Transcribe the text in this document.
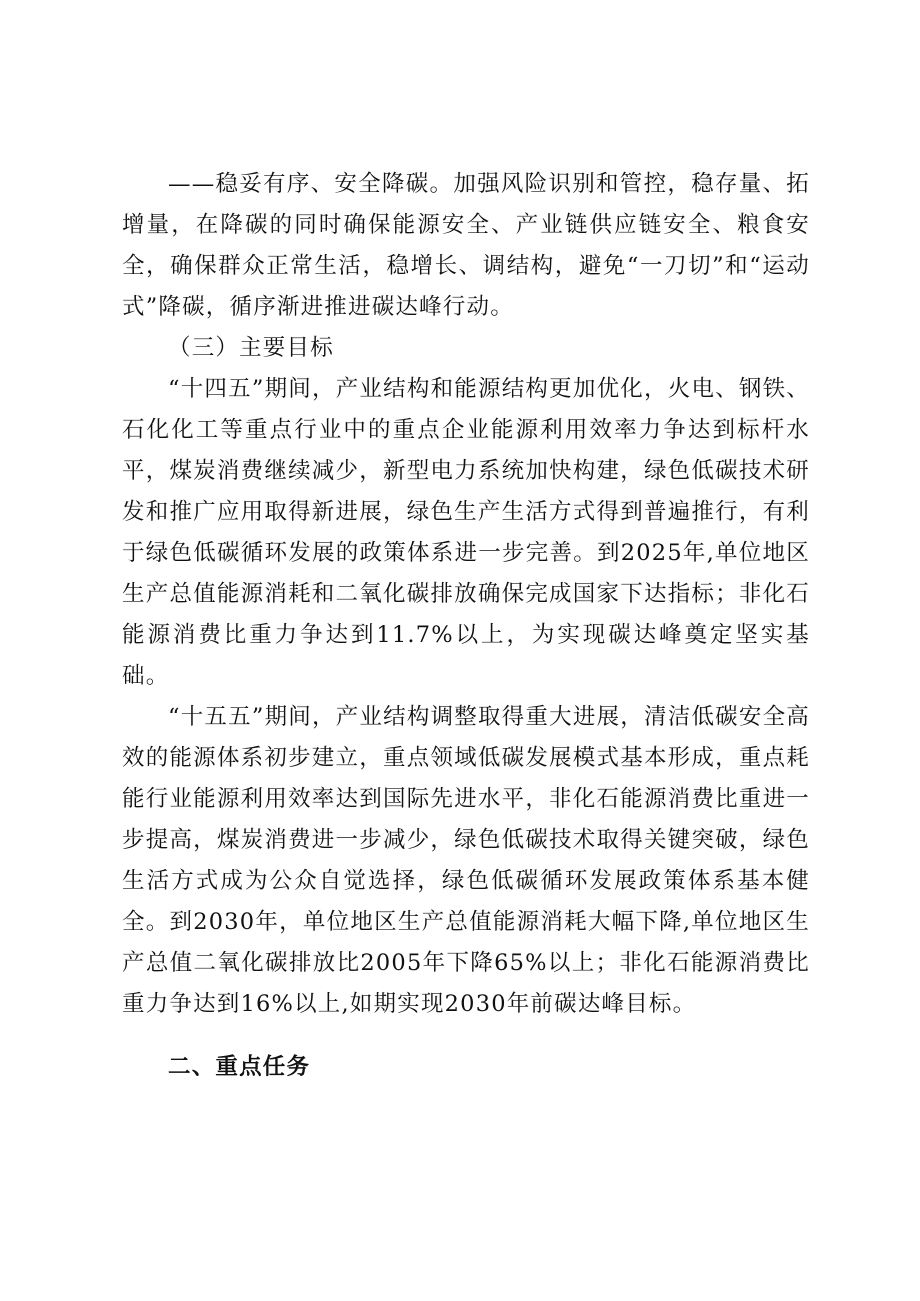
——稳妥有序、安全降碳。加强风险识别和管控，稳存量、拓增量，在降碳的同时确保能源安全、产业链供应链安全、粮食安全，确保群众正常生活，稳增长、调结构，避免“一刀切”和“运动式”降碳，循序渐进推进碳达峰行动。

（三）主要目标

“十四五”期间，产业结构和能源结构更加优化，火电、钢铁、石化化工等重点行业中的重点企业能源利用效率力争达到标杆水平，煤炭消费继续减少，新型电力系统加快构建，绿色低碳技术研发和推广应用取得新进展，绿色生产生活方式得到普遍推行，有利于绿色低碳循环发展的政策体系进一步完善。到2025年,单位地区生产总值能源消耗和二氧化碳排放确保完成国家下达指标；非化石能源消费比重力争达到11.7%以上，为实现碳达峰奠定坚实基础。

“十五五”期间，产业结构调整取得重大进展，清洁低碳安全高效的能源体系初步建立，重点领域低碳发展模式基本形成，重点耗能行业能源利用效率达到国际先进水平，非化石能源消费比重进一步提高，煤炭消费进一步减少，绿色低碳技术取得关键突破，绿色生活方式成为公众自觉选择，绿色低碳循环发展政策体系基本健全。到2030年，单位地区生产总值能源消耗大幅下降,单位地区生产总值二氧化碳排放比2005年下降65%以上；非化石能源消费比重力争达到16%以上,如期实现2030年前碳达峰目标。

二、重点任务
